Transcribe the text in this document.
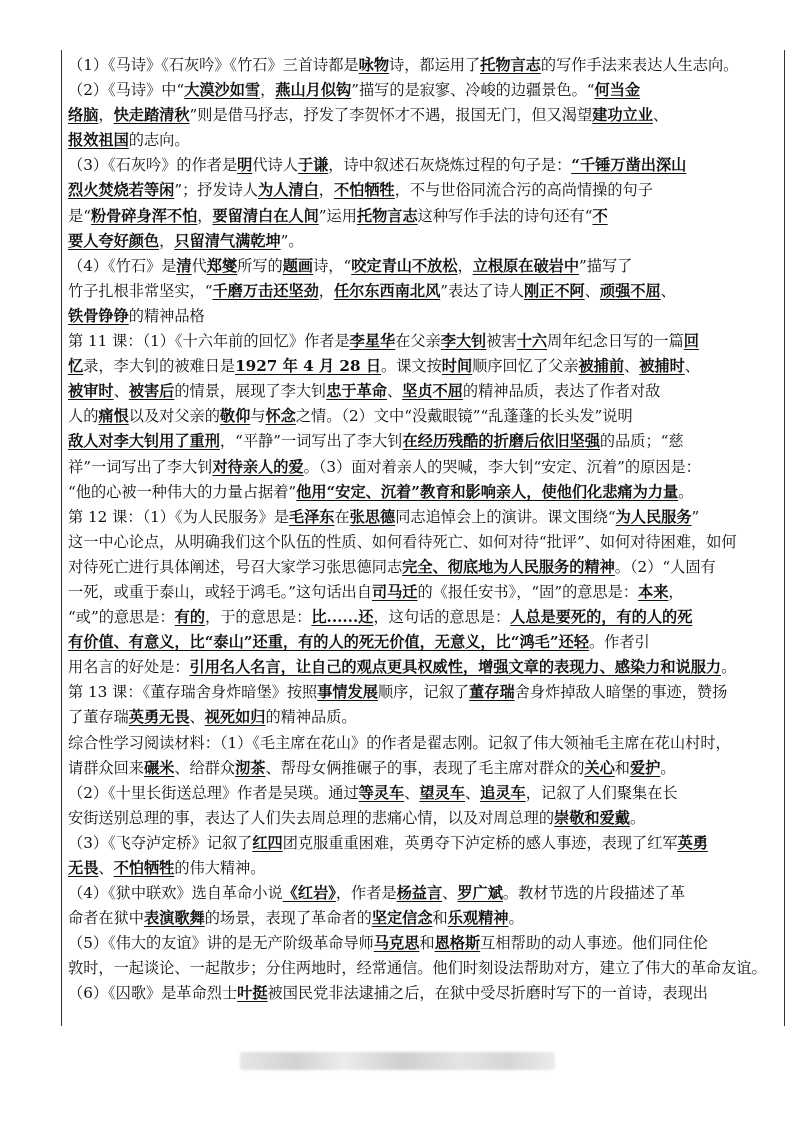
（1）《马诗》《石灰吟》《竹石》三首诗都是咏物诗，都运用了托物言志的写作手法来表达人生志向。
（2）《马诗》中“大漠沙如雪，燕山月似钩”描写的是寂寥、冷峻的边疆景色。“何当金
络脑，快走踏清秋”则是借马抒志，抒发了李贺怀才不遇，报国无门，但又渴望建功立业、
报效祖国的志向。
（3）《石灰吟》的作者是明代诗人于谦，诗中叙述石灰烧炼过程的句子是：“千锤万凿出深山
烈火焚烧若等闲”；抒发诗人为人清白，不怕牺牲，不与世俗同流合污的高尚情操的句子
是“粉骨碎身浑不怕，要留清白在人间”运用托物言志这种写作手法的诗句还有“不
要人夸好颜色，只留清气满乾坤”。
（4）《竹石》是清代郑燮所写的题画诗，“咬定青山不放松，立根原在破岩中”描写了
竹子扎根非常坚实，“千磨万击还坚劲，任尔东西南北风”表达了诗人刚正不阿、顽强不屈、
铁骨铮铮的精神品格
第 11 课：（1）《十六年前的回忆》作者是李星华在父亲李大钊被害十六周年纪念日写的一篇回
忆录，李大钊的被难日是1927 年 4 月 28 日。课文按时间顺序回忆了父亲被捕前、被捕时、
被审时、被害后的情景，展现了李大钊忠于革命、坚贞不屈的精神品质，表达了作者对敌
人的痛恨以及对父亲的敬仰与怀念之情。（2）文中“没戴眼镜”“乱蓬蓬的长头发”说明
敌人对李大钊用了重刑，“平静”一词写出了李大钊在经历残酷的折磨后依旧坚强的品质；“慈
祥”一词写出了李大钊对待亲人的爱。（3）面对着亲人的哭喊，李大钊“安定、沉着”的原因是：
“他的心被一种伟大的力量占据着”他用“安定、沉着”教育和影响亲人，使他们化悲痛为力量。
第 12 课：（1）《为人民服务》是毛泽东在张思德同志追悼会上的演讲。课文围绕“为人民服务”
这一中心论点，从明确我们这个队伍的性质、如何看待死亡、如何对待“批评”、如何对待困难，如何
对待死亡进行具体阐述，号召大家学习张思德同志完全、彻底地为人民服务的精神。（2）“人固有
一死，或重于泰山，或轻于鸿毛。”这句话出自司马迁的《报任安书》，“固”的意思是：本来，
“或”的意思是：有的，于的意思是：比......还，这句话的意思是：人总是要死的，有的人的死
有价值、有意义，比“泰山”还重，有的人的死无价值，无意义，比“鸿毛”还轻。作者引
用名言的好处是：引用名人名言，让自己的观点更具权威性，增强文章的表现力、感染力和说服力。
第 13 课：《董存瑞舍身炸暗堡》按照事情发展顺序，记叙了董存瑞舍身炸掉敌人暗堡的事迹，赞扬
了董存瑞英勇无畏、视死如归的精神品质。
综合性学习阅读材料：（1）《毛主席在花山》的作者是翟志刚。记叙了伟大领袖毛主席在花山村时，
请群众回来碾米、给群众沏茶、帮母女俩推碾子的事，表现了毛主席对群众的关心和爱护。
（2）《十里长街送总理》作者是吴瑛。通过等灵车、望灵车、追灵车，记叙了人们聚集在长
安街送别总理的事，表达了人们失去周总理的悲痛心情，以及对周总理的崇敬和爱戴。
（3）《飞夺泸定桥》记叙了红四团克服重重困难，英勇夺下泸定桥的感人事迹，表现了红军英勇
无畏、不怕牺牲的伟大精神。
（4）《狱中联欢》选自革命小说《红岩》，作者是杨益言、罗广斌。教材节选的片段描述了革
命者在狱中表演歌舞的场景，表现了革命者的坚定信念和乐观精神。
（5）《伟大的友谊》讲的是无产阶级革命导师马克思和恩格斯互相帮助的动人事迹。他们同住伦
敦时，一起谈论、一起散步；分住两地时，经常通信。他们时刻设法帮助对方，建立了伟大的革命友谊。
（6）《囚歌》是革命烈士叶挺被国民党非法逮捕之后，在狱中受尽折磨时写下的一首诗，表现出
